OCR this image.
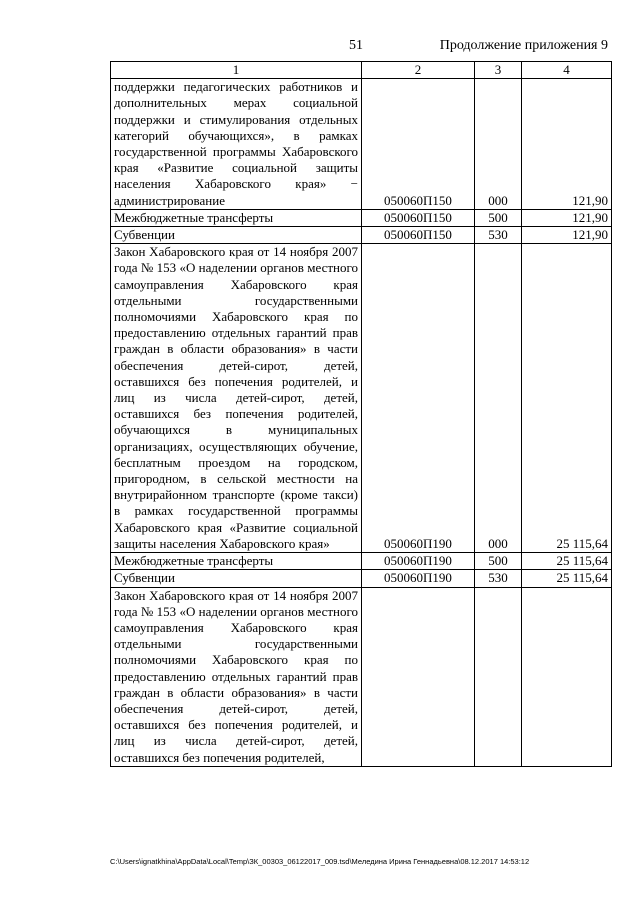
51	Продолжение приложения 9
1	2	3	4
поддержки педагогических работников и дополнительных мерах социальной поддержки и стимулирования отдельных категорий обучающихся», в рамках государственной программы Хабаровского края «Развитие социальной защиты населения Хабаровского края» − администрирование	050060П150	000	121,90
Межбюджетные трансферты	050060П150	500	121,90
Субвенции	050060П150	530	121,90
Закон Хабаровского края от 14 ноября 2007 года № 153 «О наделении органов местного самоуправления Хабаровского края отдельными государственными полномочиями Хабаровского края по предоставлению отдельных гарантий прав граждан в области образования» в части обеспечения детей-сирот, детей, оставшихся без попечения родителей, и лиц из числа детей-сирот, детей, оставшихся без попечения родителей, обучающихся в муниципальных организациях, осуществляющих обучение, бесплатным проездом на городском, пригородном, в сельской местности на внутрирайонном транспорте (кроме такси) в рамках государственной программы Хабаровского края «Развитие социальной защиты населения Хабаровского края»	050060П190	000	25 115,64
Межбюджетные трансферты	050060П190	500	25 115,64
Субвенции	050060П190	530	25 115,64
Закон Хабаровского края от 14 ноября 2007 года № 153 «О наделении органов местного самоуправления Хабаровского края отдельными государственными полномочиями Хабаровского края по предоставлению отдельных гарантий прав граждан в области образования» в части обеспечения детей-сирот, детей, оставшихся без попечения родителей, и лиц из числа детей-сирот, детей, оставшихся без попечения родителей,			
C:\Users\ignatkhina\AppData\Local\Temp\ЗК_00303_06122017_009.tsd\Меледина Ирина Геннадьевна\08.12.2017 14:53:12
